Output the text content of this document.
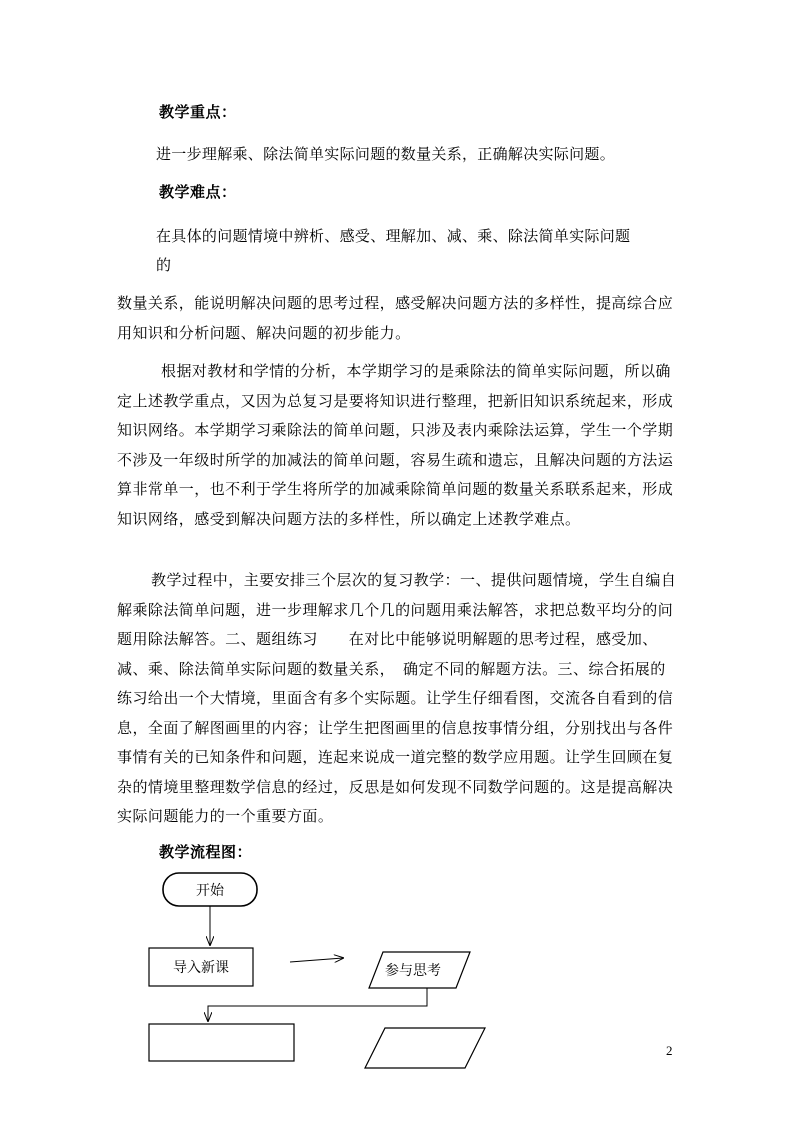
教学重点：
进一步理解乘、除法简单实际问题的数量关系，正确解决实际问题。
教学难点：
在具体的问题情境中辨析、感受、理解加、减、乘、除法简单实际问题
的
数量关系，能说明解决问题的思考过程，感受解决问题方法的多样性，提高综合应用知识和分析问题、解决问题的初步能力。
根据对教材和学情的分析，本学期学习的是乘除法的简单实际问题，所以确定上述教学重点，又因为总复习是要将知识进行整理，把新旧知识系统起来，形成知识网络。本学期学习乘除法的简单问题，只涉及表内乘除法运算，学生一个学期不涉及一年级时所学的加减法的简单问题，容易生疏和遗忘，且解决问题的方法运算非常单一，也不利于学生将所学的加减乘除简单问题的数量关系联系起来，形成知识网络，感受到解决问题方法的多样性，所以确定上述教学难点。
教学过程中，主要安排三个层次的复习教学：一、提供问题情境，学生自编自解乘除法简单问题，进一步理解求几个几的问题用乘法解答，求把总数平均分的问题用除法解答。二、题组练习　　在对比中能够说明解题的思考过程，感受加、减、乘、除法简单实际问题的数量关系，　确定不同的解题方法。三、综合拓展的练习给出一个大情境，里面含有多个实际题。让学生仔细看图，交流各自看到的信息，全面了解图画里的内容；让学生把图画里的信息按事情分组，分别找出与各件事情有关的已知条件和问题，连起来说成一道完整的数学应用题。让学生回顾在复杂的情境里整理数学信息的经过，反思是如何发现不同数学问题的。这是提高解决实际问题能力的一个重要方面。
教学流程图：
开始
导入新课	参与思考
2
